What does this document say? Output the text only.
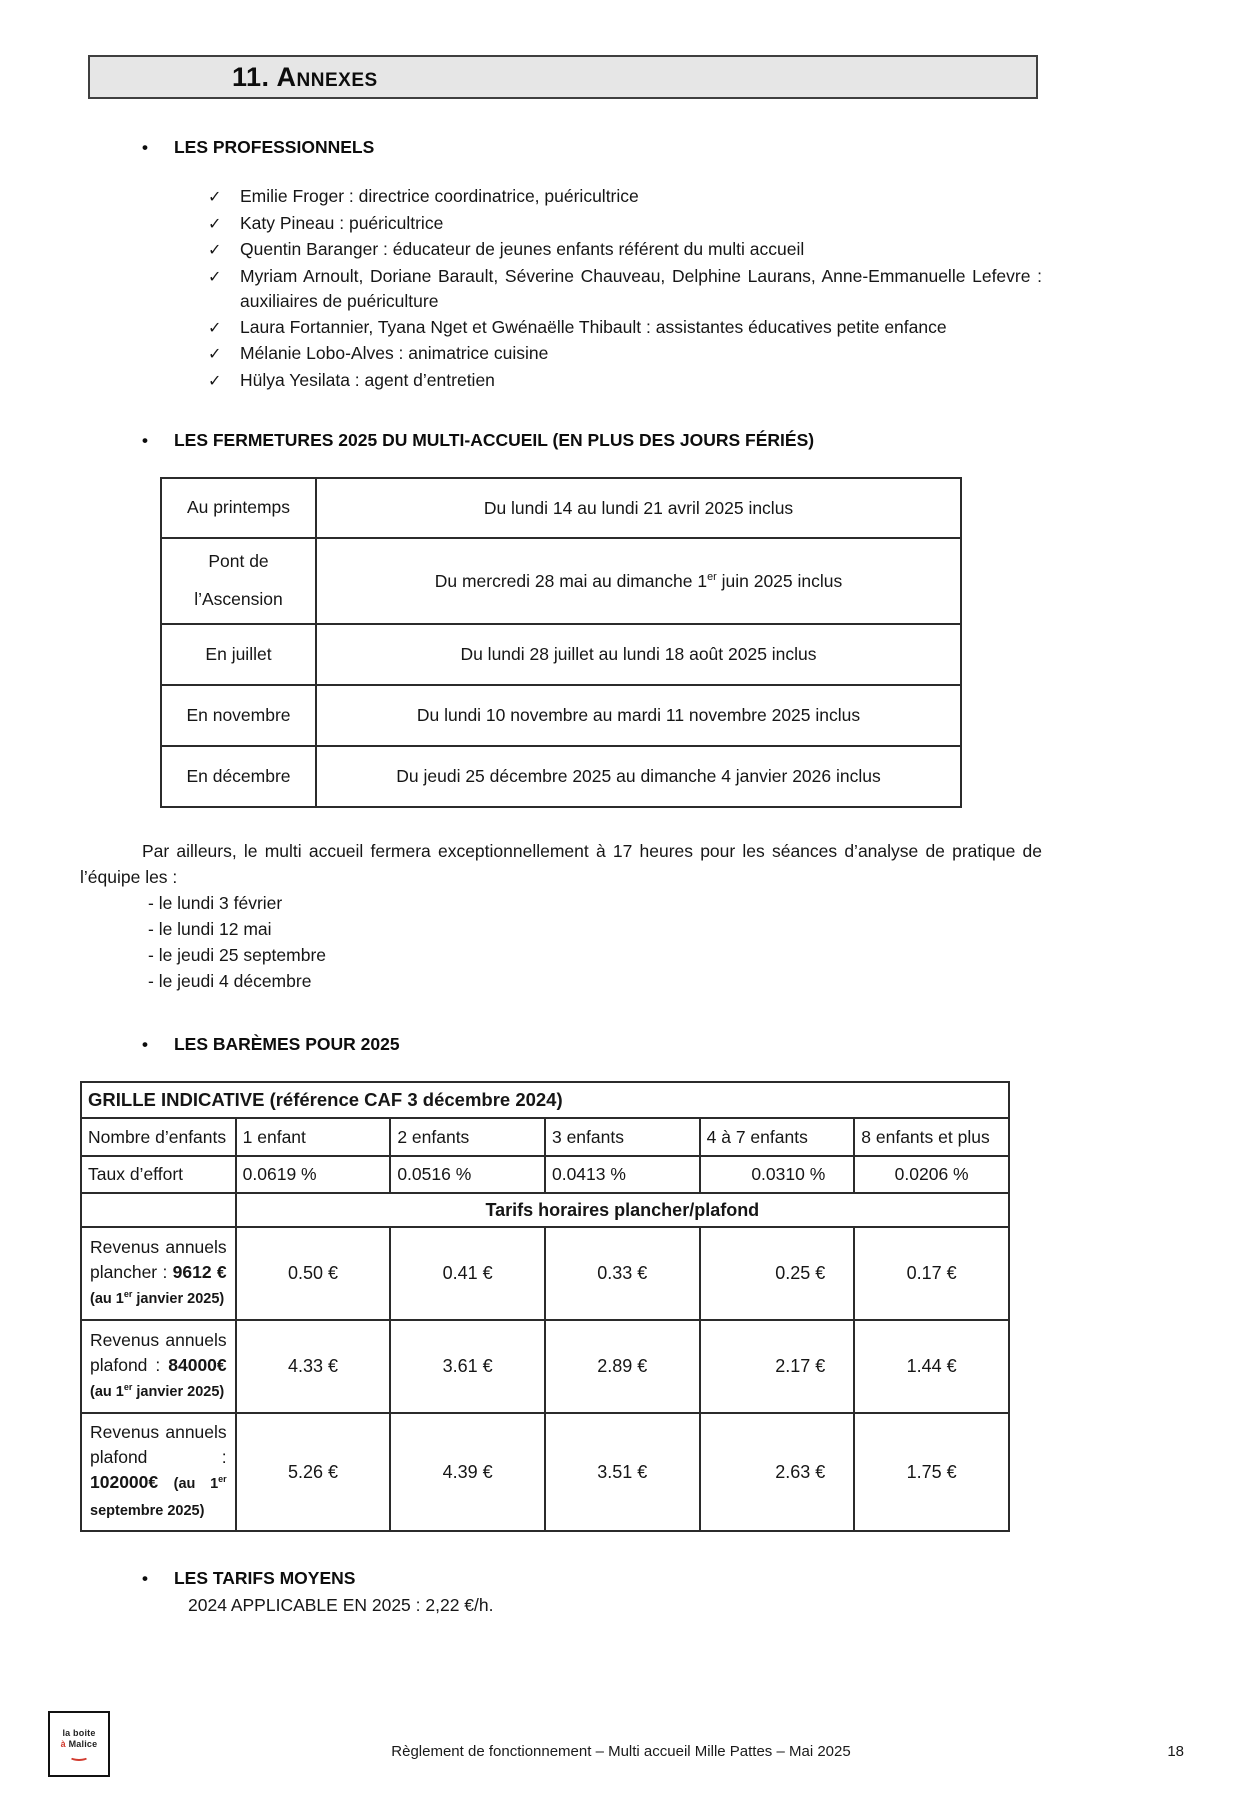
11. Annexes
• LES PROFESSIONNELS
✓ Emilie Froger : directrice coordinatrice, puéricultrice
✓ Katy Pineau : puéricultrice
✓ Quentin Baranger : éducateur de jeunes enfants référent du multi accueil
✓ Myriam Arnoult, Doriane Barault, Séverine Chauveau, Delphine Laurans, Anne-Emmanuelle Lefevre : auxiliaires de puériculture
✓ Laura Fortannier, Tyana Nget et Gwénaëlle Thibault : assistantes éducatives petite enfance
✓ Mélanie Lobo-Alves : animatrice cuisine
✓ Hülya Yesilata : agent d’entretien
• LES FERMETURES 2025 DU MULTI-ACCUEIL (EN PLUS DES JOURS FÉRIÉS)
Au printemps	Du lundi 14 au lundi 21 avril 2025 inclus
Pont de l’Ascension	Du mercredi 28 mai au dimanche 1er juin 2025 inclus
En juillet	Du lundi 28 juillet au lundi 18 août 2025 inclus
En novembre	Du lundi 10 novembre au mardi 11 novembre 2025 inclus
En décembre	Du jeudi 25 décembre 2025 au dimanche 4 janvier 2026 inclus

Par ailleurs, le multi accueil fermera exceptionnellement à 17 heures pour les séances d’analyse de pratique de l’équipe les :

- le lundi 3 février
- le lundi 12 mai
- le jeudi 25 septembre
- le jeudi 4 décembre
• LES BARÈMES POUR 2025
GRILLE INDICATIVE (référence CAF 3 décembre 2024)					
Nombre d’enfants	1 enfant	2 enfants	3 enfants	4 à 7 enfants	8 enfants et plus
Taux d’effort	0.0619 %	0.0516 %	0.0413 %	0.0310 %	0.0206 %
	Tarifs horaires plancher/plafond				
Revenus annuels plancher : 9612 € (au 1er janvier 2025)	0.50 €	0.41 €	0.33 €	0.25 €	0.17 €
Revenus annuels plafond : 84000€ (au 1er janvier 2025)	4.33 €	3.61 €	2.89 €	2.17 €	1.44 €
Revenus annuels plafond : 102000€ (au 1er septembre 2025)	5.26 €	4.39 €	3.51 €	2.63 €	1.75 €
• LES TARIFS MOYENS
2024 APPLICABLE EN 2025 : 2,22 €/h.
la boite
à Malice	Règlement de fonctionnement – Multi accueil Mille Pattes – Mai 2025	18
